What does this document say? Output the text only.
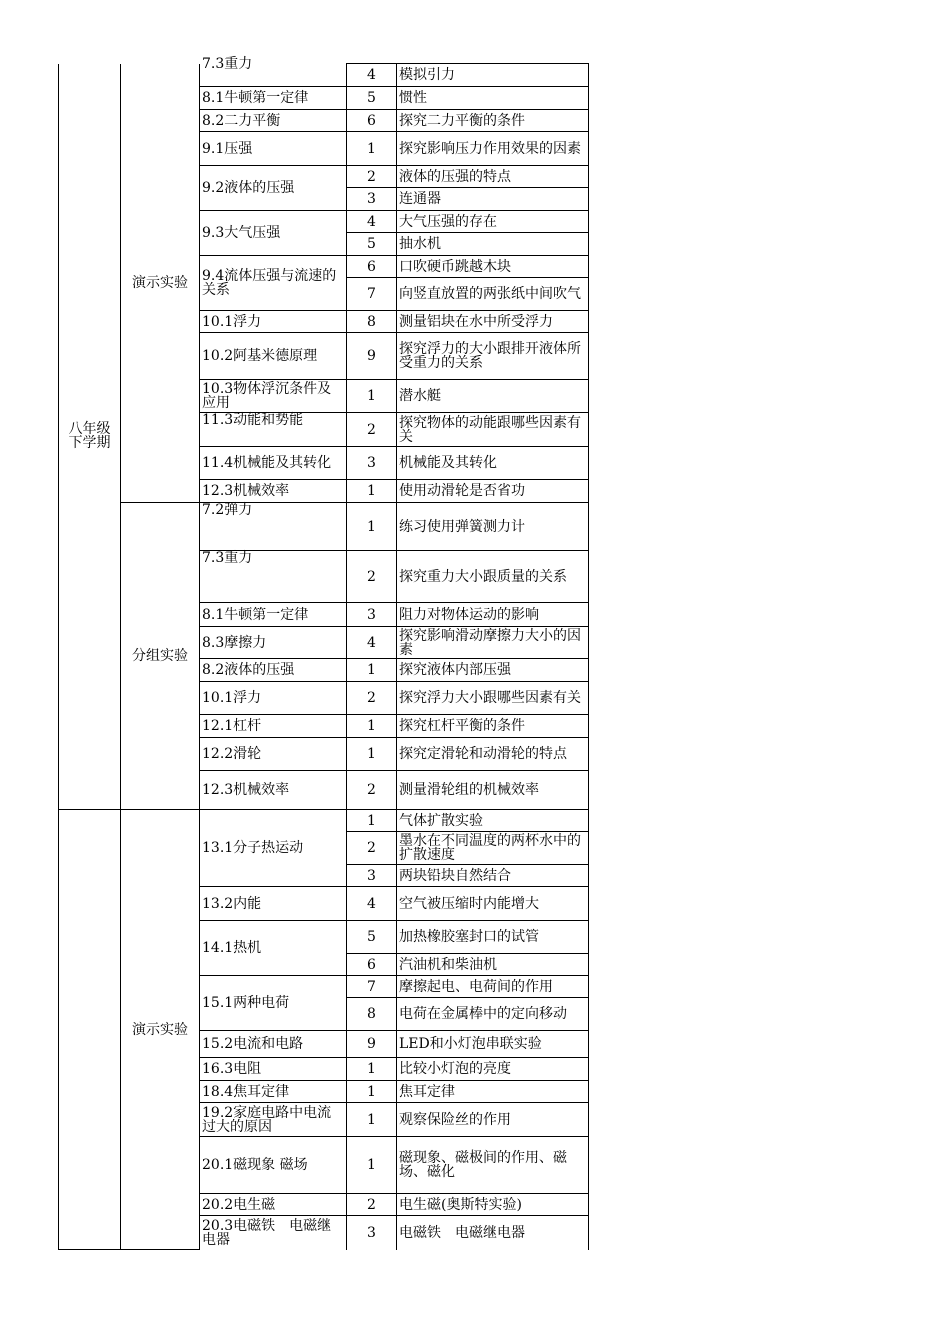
八年级
下学期	演示实验	7.3重力	4	模拟引力
		8.1牛顿第一定律	5	惯性
		8.2二力平衡	6	探究二力平衡的条件
		9.1压强	1	探究影响压力作用效果的因素
		9.2液体的压强	2	液体的压强的特点
			3	连通器
		9.3大气压强	4	大气压强的存在
			5	抽水机
		9.4流体压强与流速的关系	6	口吹硬币跳越木块
			7	向竖直放置的两张纸中间吹气
		10.1浮力	8	测量铝块在水中所受浮力
		10.2阿基米德原理	9	探究浮力的大小跟排开液体所受重力的关系
		10.3物体浮沉条件及应用	1	潜水艇
		11.3动能和势能	2	探究物体的动能跟哪些因素有关
		11.4机械能及其转化	3	机械能及其转化
		12.3机械效率	1	使用动滑轮是否省功
	分组实验	7.2弹力	1	练习使用弹簧测力计
		7.3重力	2	探究重力大小跟质量的关系
		8.1牛顿第一定律	3	阻力对物体运动的影响
		8.3摩擦力	4	探究影响滑动摩擦力大小的因素
		8.2液体的压强	1	探究液体内部压强
		10.1浮力	2	探究浮力大小跟哪些因素有关
		12.1杠杆	1	探究杠杆平衡的条件
		12.2滑轮	1	探究定滑轮和动滑轮的特点
		12.3机械效率	2	测量滑轮组的机械效率
	演示实验	13.1分子热运动	1	气体扩散实验
			2	墨水在不同温度的两杯水中的扩散速度
			3	两块铅块自然结合
		13.2内能	4	空气被压缩时内能增大
		14.1热机	5	加热橡胶塞封口的试管
			6	汽油机和柴油机
		15.1两种电荷	7	摩擦起电、电荷间的作用
			8	电荷在金属棒中的定向移动
		15.2电流和电路	9	LED和小灯泡串联实验
		16.3电阻	1	比较小灯泡的亮度
		18.4焦耳定律	1	焦耳定律
		19.2家庭电路中电流过大的原因	1	观察保险丝的作用
		20.1磁现象 磁场	1	磁现象、磁极间的作用、磁场、磁化
		20.2电生磁	2	电生磁(奥斯特实验)
		20.3电磁铁　电磁继电器	3	电磁铁　电磁继电器
